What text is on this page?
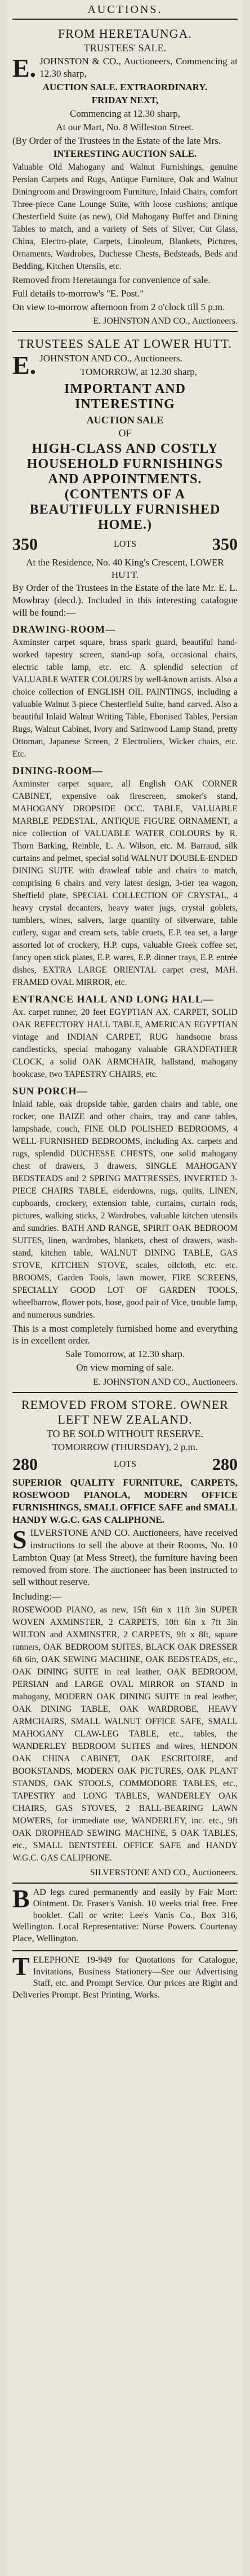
AUCTIONS.
FROM HERETAUNGA.
TRUSTEES' SALE.
E. JOHNSTON & CO., Auctioneers, Commencing at 12.30 sharp,

AUCTION SALE. EXTRAORDINARY.

FRIDAY NEXT,

Commencing at 12.30 sharp,

At our Mart, No. 8 Willeston Street.

(By Order of the Trustees in the Estate of the late Mrs.

INTERESTING AUCTION SALE.

Valuable Old Mahogany and Walnut Furnishings, genuine Persian Carpets and Rugs, Antique Furniture, Oak and Walnut Diningroom and Drawingroom Furniture, Inlaid Chairs, comfort Three-piece Cane Lounge Suite, with loose cushions; antique Chesterfield Suite (as new), Old Mahogany Buffet and Dining Tables to match, and a variety of Sets of Silver, Cut Glass, China, Electro-plate, Carpets, Linoleum, Blankets, Pictures, Ornaments, Wardrobes, Duchesse Chests, Bedsteads, Beds and Bedding, Kitchen Utensils, etc.

Removed from Heretaunga for convenience of sale.

Full details to-morrow's "E. Post."

On view to-morrow afternoon from 2 o'clock till 5 p.m.

E. JOHNSTON AND CO., Auctioneers.

TRUSTEES SALE AT LOWER HUTT.
E. JOHNSTON AND CO., Auctioneers.

TOMORROW, at 12.30 sharp,

IMPORTANT AND INTERESTING
AUCTION SALE
OF
HIGH-CLASS AND COSTLY HOUSEHOLD FURNISHINGS AND APPOINTMENTS. (CONTENTS OF A BEAUTIFULLY FURNISHED HOME.)
350	LOTS	350

At the Residence, No. 40 King's Crescent, LOWER HUTT.

By Order of the Trustees in the Estate of the late Mr. E. L. Mowbray (decd.). Included in this interesting catalogue will be found:—

DRAWING-ROOM—

Axminster carpet square, brass spark guard, beautiful hand-worked tapestry screen, stand-up sofa, occasional chairs, electric table lamp, etc. etc. A splendid selection of VALUABLE WATER COLOURS by well-known artists. Also a choice collection of ENGLISH OIL PAINTINGS, including a valuable Walnut 3-piece Chesterfield Suite, hand carved. Also a beautiful Inlaid Walnut Writing Table, Ebonised Tables, Persian Rugs, Walnut Cabinet, Ivory and Satinwood Lamp Stand, pretty Ottoman, Japanese Screen, 2 Electroliers, Wicker chairs, etc. Etc.

DINING-ROOM—

Axminster carpet square, all English OAK CORNER CABINET, expensive oak firescreen, smoker's stand, MAHOGANY DROPSIDE OCC. TABLE, VALUABLE MARBLE PEDESTAL, ANTIQUE FIGURE ORNAMENT, a nice collection of VALUABLE WATER COLOURS by R. Thorn Barking, Reinble, L. A. Wilson, etc. M. Barraud, silk curtains and pelmet, special solid WALNUT DOUBLE-ENDED DINING SUITE with drawleaf table and chairs to match, comprising 6 chairs and very latest design, 3-tier tea wagon, Sheffield plate, SPECIAL COLLECTION OF CRYSTAL, 4 heavy crystal decanters, heavy water jugs, crystal goblets, tumblers, wines, salvers, large quantity of silverware, table cutlery, sugar and cream sets, table cruets, E.P. tea set, a large assorted lot of crockery, H.P. cups, valuable Greek coffee set, fancy open stick plates, E.P. wares, E.P. dinner trays, E.P. entrée dishes, EXTRA LARGE ORIENTAL carpet crest, MAH. FRAMED OVAL MIRROR, etc.

ENTRANCE HALL AND LONG HALL—

Ax. carpet runner, 20 feet EGYPTIAN AX. CARPET, SOLID OAK REFECTORY HALL TABLE, AMERICAN EGYPTIAN vintage and INDIAN CARPET, RUG handsome brass candlesticks, special mahogany valuable GRANDFATHER CLOCK, a solid OAK ARMCHAIR, hallstand, mahogany bookcase, two TAPESTRY CHAIRS, etc.

SUN PORCH—

Inlaid table, oak dropside table, garden chairs and table, one rocker, one BAIZE and other chairs, tray and cane tables, lampshade, couch, FINE OLD POLISHED BEDROOMS, 4 WELL-FURNISHED BEDROOMS, including Ax. carpets and rugs, splendid DUCHESSE CHESTS, one solid mahogany chest of drawers, 3 drawers, SINGLE MAHOGANY BEDSTEADS and 2 SPRING MATTRESSES, INVERTED 3-PIECE CHAIRS TABLE, eiderdowns, rugs, quilts, LINEN, cupboards, crockery, extension table, curtains, curtain rods, pictures, walking sticks, 2 Wardrobes, valuable kitchen utensils and sundries. BATH AND RANGE, SPIRIT OAK BEDROOM SUITES, linen, wardrobes, blankets, chest of drawers, wash-stand, kitchen table, WALNUT DINING TABLE, GAS STOVE, KITCHEN STOVE, scales, oilcloth, etc. etc. BROOMS, Garden Tools, lawn mower, FIRE SCREENS, SPECIALLY GOOD LOT OF GARDEN TOOLS, wheelbarrow, flower pots, hose, good pair of Vice, trouble lamp, and numerous sundries.

This is a most completely furnished home and everything is in excellent order.

Sale Tomorrow, at 12.30 sharp.

On view morning of sale.

E. JOHNSTON AND CO., Auctioneers.

REMOVED FROM STORE. OWNER LEFT NEW ZEALAND.
TO BE SOLD WITHOUT RESERVE.

TOMORROW (THURSDAY), 2 p.m.

280	LOTS	280

SUPERIOR QUALITY FURNITURE, CARPETS, ROSEWOOD PIANOLA, MODERN OFFICE FURNISHINGS, SMALL OFFICE SAFE and SMALL HANDY W.G.C. GAS CALIPHONE.

S ILVERSTONE AND CO. Auctioneers, have received instructions to sell the above at their Rooms, No. 10 Lambton Quay (at Mess Street), the furniture having been removed from store. The auctioneer has been instructed to sell without reserve.

Including:—

ROSEWOOD PIANO, as new, 15ft 6in x 11ft 3in SUPER WOVEN AXMINSTER, 2 CARPETS, 10ft 6in x 7ft 3in WILTON and AXMINSTER, 2 CARPETS, 9ft x 8ft, square runners, OAK BEDROOM SUITES, BLACK OAK DRESSER 6ft 6in, OAK SEWING MACHINE, OAK BEDSTEADS, etc., OAK DINING SUITE in real leather, OAK BEDROOM, PERSIAN and LARGE OVAL MIRROR on STAND in mahogany, MODERN OAK DINING SUITE in real leather, OAK DINING TABLE, OAK WARDROBE, HEAVY ARMCHAIRS, SMALL WALNUT OFFICE SAFE, SMALL MAHOGANY CLAW-LEG TABLE, etc., tables, the WANDERLEY BEDROOM SUITES and wires, HENDON OAK CHINA CABINET, OAK ESCRITOIRE, and BOOKSTANDS, MODERN OAK PICTURES, OAK PLANT STANDS, OAK STOOLS, COMMODORE TABLES, etc., TAPESTRY and LONG TABLES, WANDERLEY OAK CHAIRS, GAS STOVES, 2 BALL-BEARING LAWN MOWERS, for immediate use, WANDERLEY, inc. etc., 9ft OAK DROPHEAD SEWING MACHINE, 5 OAK TABLES, etc., SMALL BENTSTEEL OFFICE SAFE and HANDY W.G.C. GAS CALIPHONE.

SILVERSTONE AND CO., Auctioneers.

B AD legs cured permanently and easily by Fair Mort: Ointment. Dr. Fraser's Vanish. 10 weeks trial free. Free booklet. Call or write: Lee's Vanis Co., Box 316, Wellington. Local Representative: Nurse Powers. Courtenay Place, Wellington.

T ELEPHONE 19-949 for Quotations for Catalogue, Invitations, Business Stationery—See our Advertising Staff, etc. and Prompt Service. Our prices are Right and Deliveries Prompt. Best Printing, Works.
